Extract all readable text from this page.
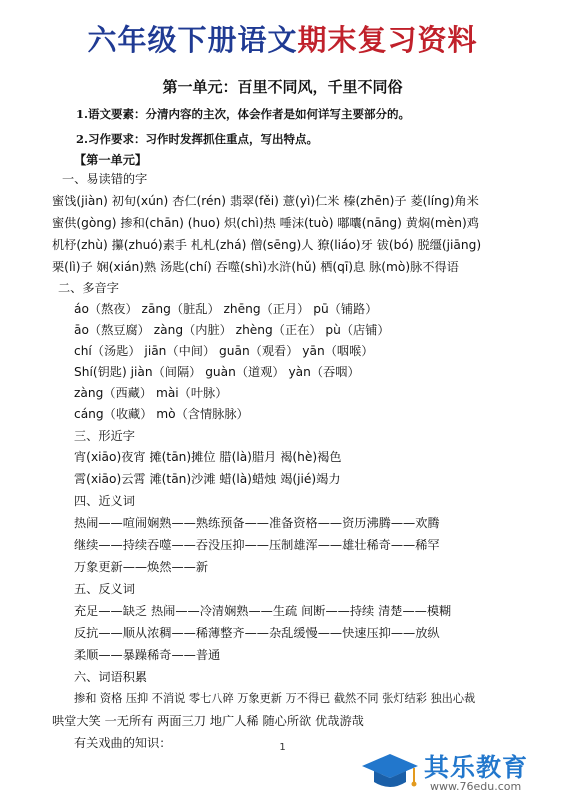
六年级下册语文期末复习资料
第一单元：百里不同风，千里不同俗
1.语文要素：分清内容的主次，体会作者是如何详写主要部分的。
2.习作要求：习作时发挥抓住重点，写出特点。
【第一单元】
一、易读错的字
蜜饯(jiàn) 初旬(xún) 杏仁(rén) 翡翠(fěi) 薏(yì)仁米 榛(zhēn)子 菱(líng)角米
蜜供(gòng) 掺和(chān) (huo) 炽(chì)热 唾沫(tuò) 嘟囔(nāng) 黄焖(mèn)鸡
机杼(zhù) 攥(zhuó)素手 札札(zhá) 僧(sēng)人 獠(liáo)牙 钹(bó) 脱缰(jiāng)
栗(lì)子 娴(xián)熟 汤匙(chí) 吞噬(shì)水浒(hǔ) 栖(qī)息 脉(mò)脉不得语
二、多音字
áo（熬夜） zāng（脏乱） zhēng（正月） pū（铺路）
āo（熬豆腐） zàng（内脏） zhèng（正在） pù（店铺）
chí（汤匙） jiān（中间） guān（观看） yān（咽喉）
Shí(钥匙) jiàn（间隔） guàn（道观） yàn（吞咽）
zàng（西藏） mài（叶脉）
cáng（收藏） mò（含情脉脉）
三、形近字
宵(xiāo)夜宵 摊(tān)摊位 腊(là)腊月 褐(hè)褐色
霄(xiāo)云霄 滩(tān)沙滩 蜡(là)蜡烛 竭(jié)竭力
四、近义词
热闹——喧闹娴熟——熟练预备——准备资格——资历沸腾——欢腾
继续——持续吞噬——吞没压抑——压制雄浑——雄壮稀奇——稀罕
万象更新——焕然——新
五、反义词
充足——缺乏 热闹——冷清娴熟——生疏 间断——持续 清楚——模糊
反抗——顺从浓稠——稀薄整齐——杂乱缓慢——快速压抑——放纵
柔顺——暴躁稀奇——普通
六、词语积累
掺和 资格 压抑 不消说 零七八碎 万象更新 万不得已 截然不同 张灯结彩 独出心裁
哄堂大笑 一无所有 两面三刀 地广人稀 随心所欲 优哉游哉
有关戏曲的知识：	1
其乐教育
www.76edu.com
